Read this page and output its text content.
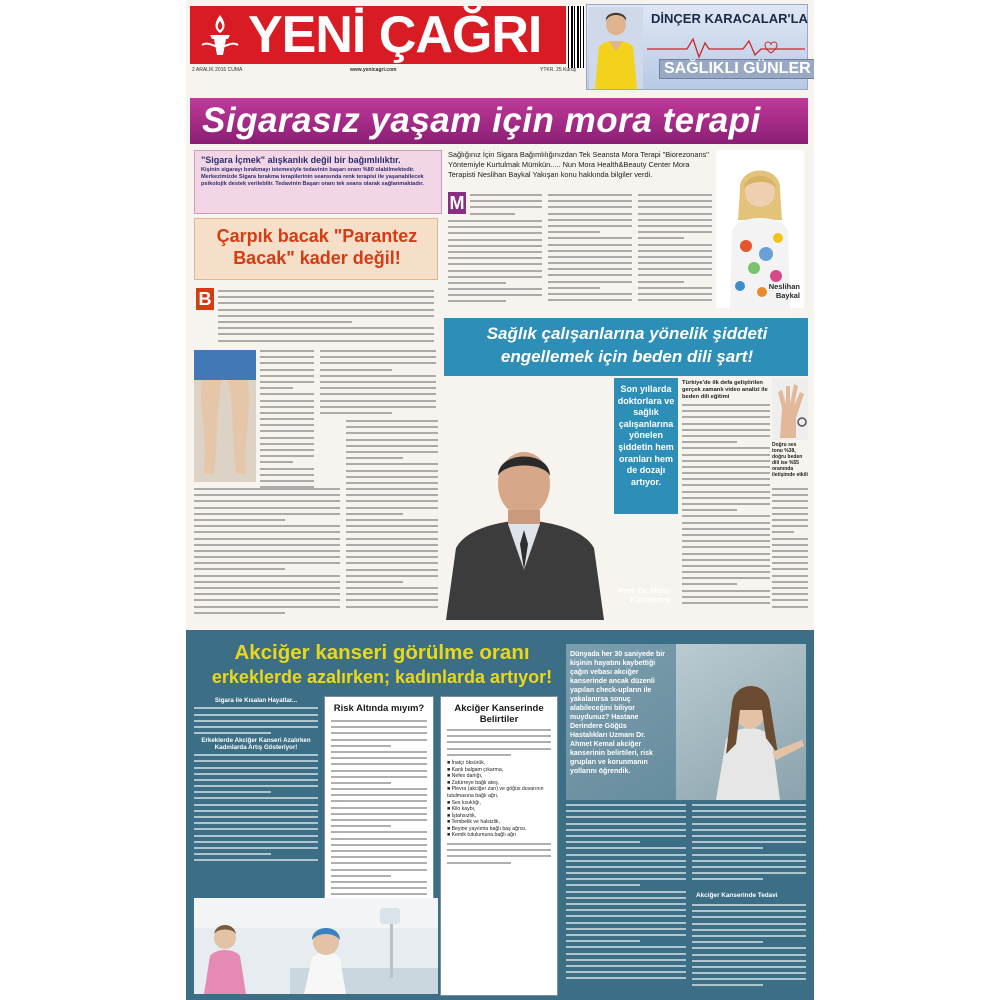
YENİ ÇAĞRI
2 ARALIK 2016 CUMA	www.yenicagri.com	YTKR. 25 Kuruş
DİNÇER KARACALAR'LA
SAĞLIKLI GÜNLER
Sigarasız yaşam için mora terapi
"Sigara İçmek" alışkanlık değil bir bağımlılıktır.
Kişinin sigarayı bırakmayı istemesiyle tedavinin başarı oranı %80 olabilmektedir. Merkezimizde Sigara bırakma terapilerinin seansında renk terapisi ile yaşanabilecek psikolojik destek verilebilir. Tedavinin Başarı oranı tek seans olarak sağlanmaktadır.
Sağlığınız İçin Sigara Bağımlılığınızdan Tek Seansta Mora Terapi "Biorezonans" Yöntemiyle Kurtulmak Mümkün..... Nun Mora Health&Beauty Center Mora Terapisti Neslihan Baykal Yakışan konu hakkında bilgiler verdi.
M
Neslihan
Baykal
Çarpık bacak "Parantez Bacak" kader değil!
B
Prof. Dr. Metin
Küçükkaya
Sağlık çalışanlarına yönelik şiddeti engellemek için beden dili şart!
Son yıllarda doktorlara ve sağlık çalışanlarına yönelen şiddetin hem oranları hem de dozajı artıyor.
Türkiye'de ilk defa geliştirilen gerçek zamanlı video analizi ile beden dili eğitimi
Doğru ses tonu %38, doğru beden dili ise %55 oranında iletişimde etkili
Akciğer kanseri görülme oranı
erkeklerde azalırken; kadınlarda artıyor!
Sigara ile Kısalan Hayatlar...
Erkeklerde Akciğer Kanseri Azalırken Kadınlarda Artış Gösteriyor!
Risk Altında mıyım?	Akciğer Kanserinde Belirtiler
■ İnatçı öksürük,
■ Kanlı balgam çıkarma,
■ Nefes darlığı,
■ Zatürreye bağlı ateş,
■ Plevra (akciğer zarı) ve göğüs duvarının tutulmasına bağlı ağrı,
■ Ses kısıklığı,
■ Kilo kaybı,
■ İştahsızlık,
■ Tembelik ve halsizlik,
■ Beyine yayılıma bağlı baş ağrısı,
■ Kemik tutulumuna bağlı ağrı
Dünyada her 30 saniyede bir kişinin hayatını kaybettiği çağın vebası akciğer kanserinde ancak düzenli yapılan check-upların ile yakalanırsa sonuç alabileceğini biliyor muydunuz? Hastane Derindere Göğüs Hastalıkları Uzmanı Dr. Ahmet Kemal akciğer kanserinin belirtileri, risk grupları ve korunmanın yollarını öğrendik.
Akciğer Kanserinde Tedavi
